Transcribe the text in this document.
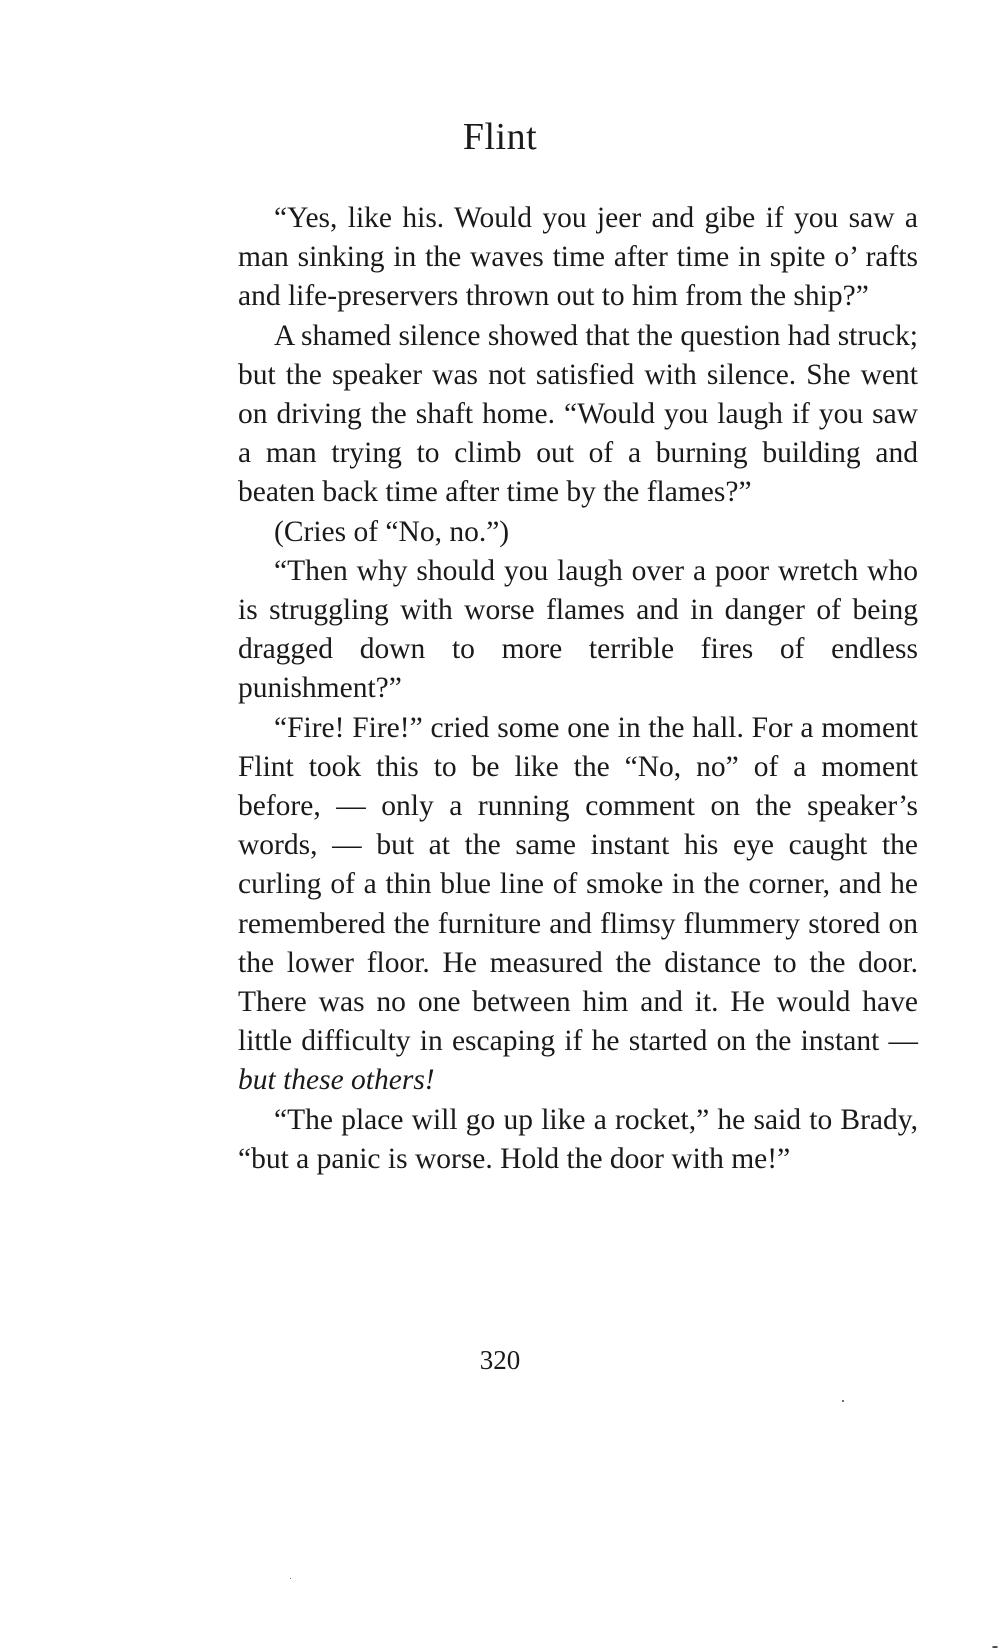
Flint

“Yes, like his. Would you jeer and gibe if you saw a man sinking in the waves time after time in spite o’ rafts and life-preservers thrown out to him from the ship?”

A shamed silence showed that the question had struck; but the speaker was not satisfied with silence. She went on driving the shaft home. “Would you laugh if you saw a man trying to climb out of a burning building and beaten back time after time by the flames?”

(Cries of “No, no.”)

“Then why should you laugh over a poor wretch who is struggling with worse flames and in danger of being dragged down to more terrible fires of endless punishment?”

“Fire! Fire!” cried some one in the hall. For a moment Flint took this to be like the “No, no” of a moment before, — only a running comment on the speaker’s words, — but at the same instant his eye caught the curling of a thin blue line of smoke in the corner, and he remembered the furniture and flimsy flummery stored on the lower floor. He measured the distance to the door. There was no one between him and it. He would have little difficulty in escaping if he started on the instant — but these others!

“The place will go up like a rocket,” he said to Brady, “but a panic is worse. Hold the door with me!”

320
